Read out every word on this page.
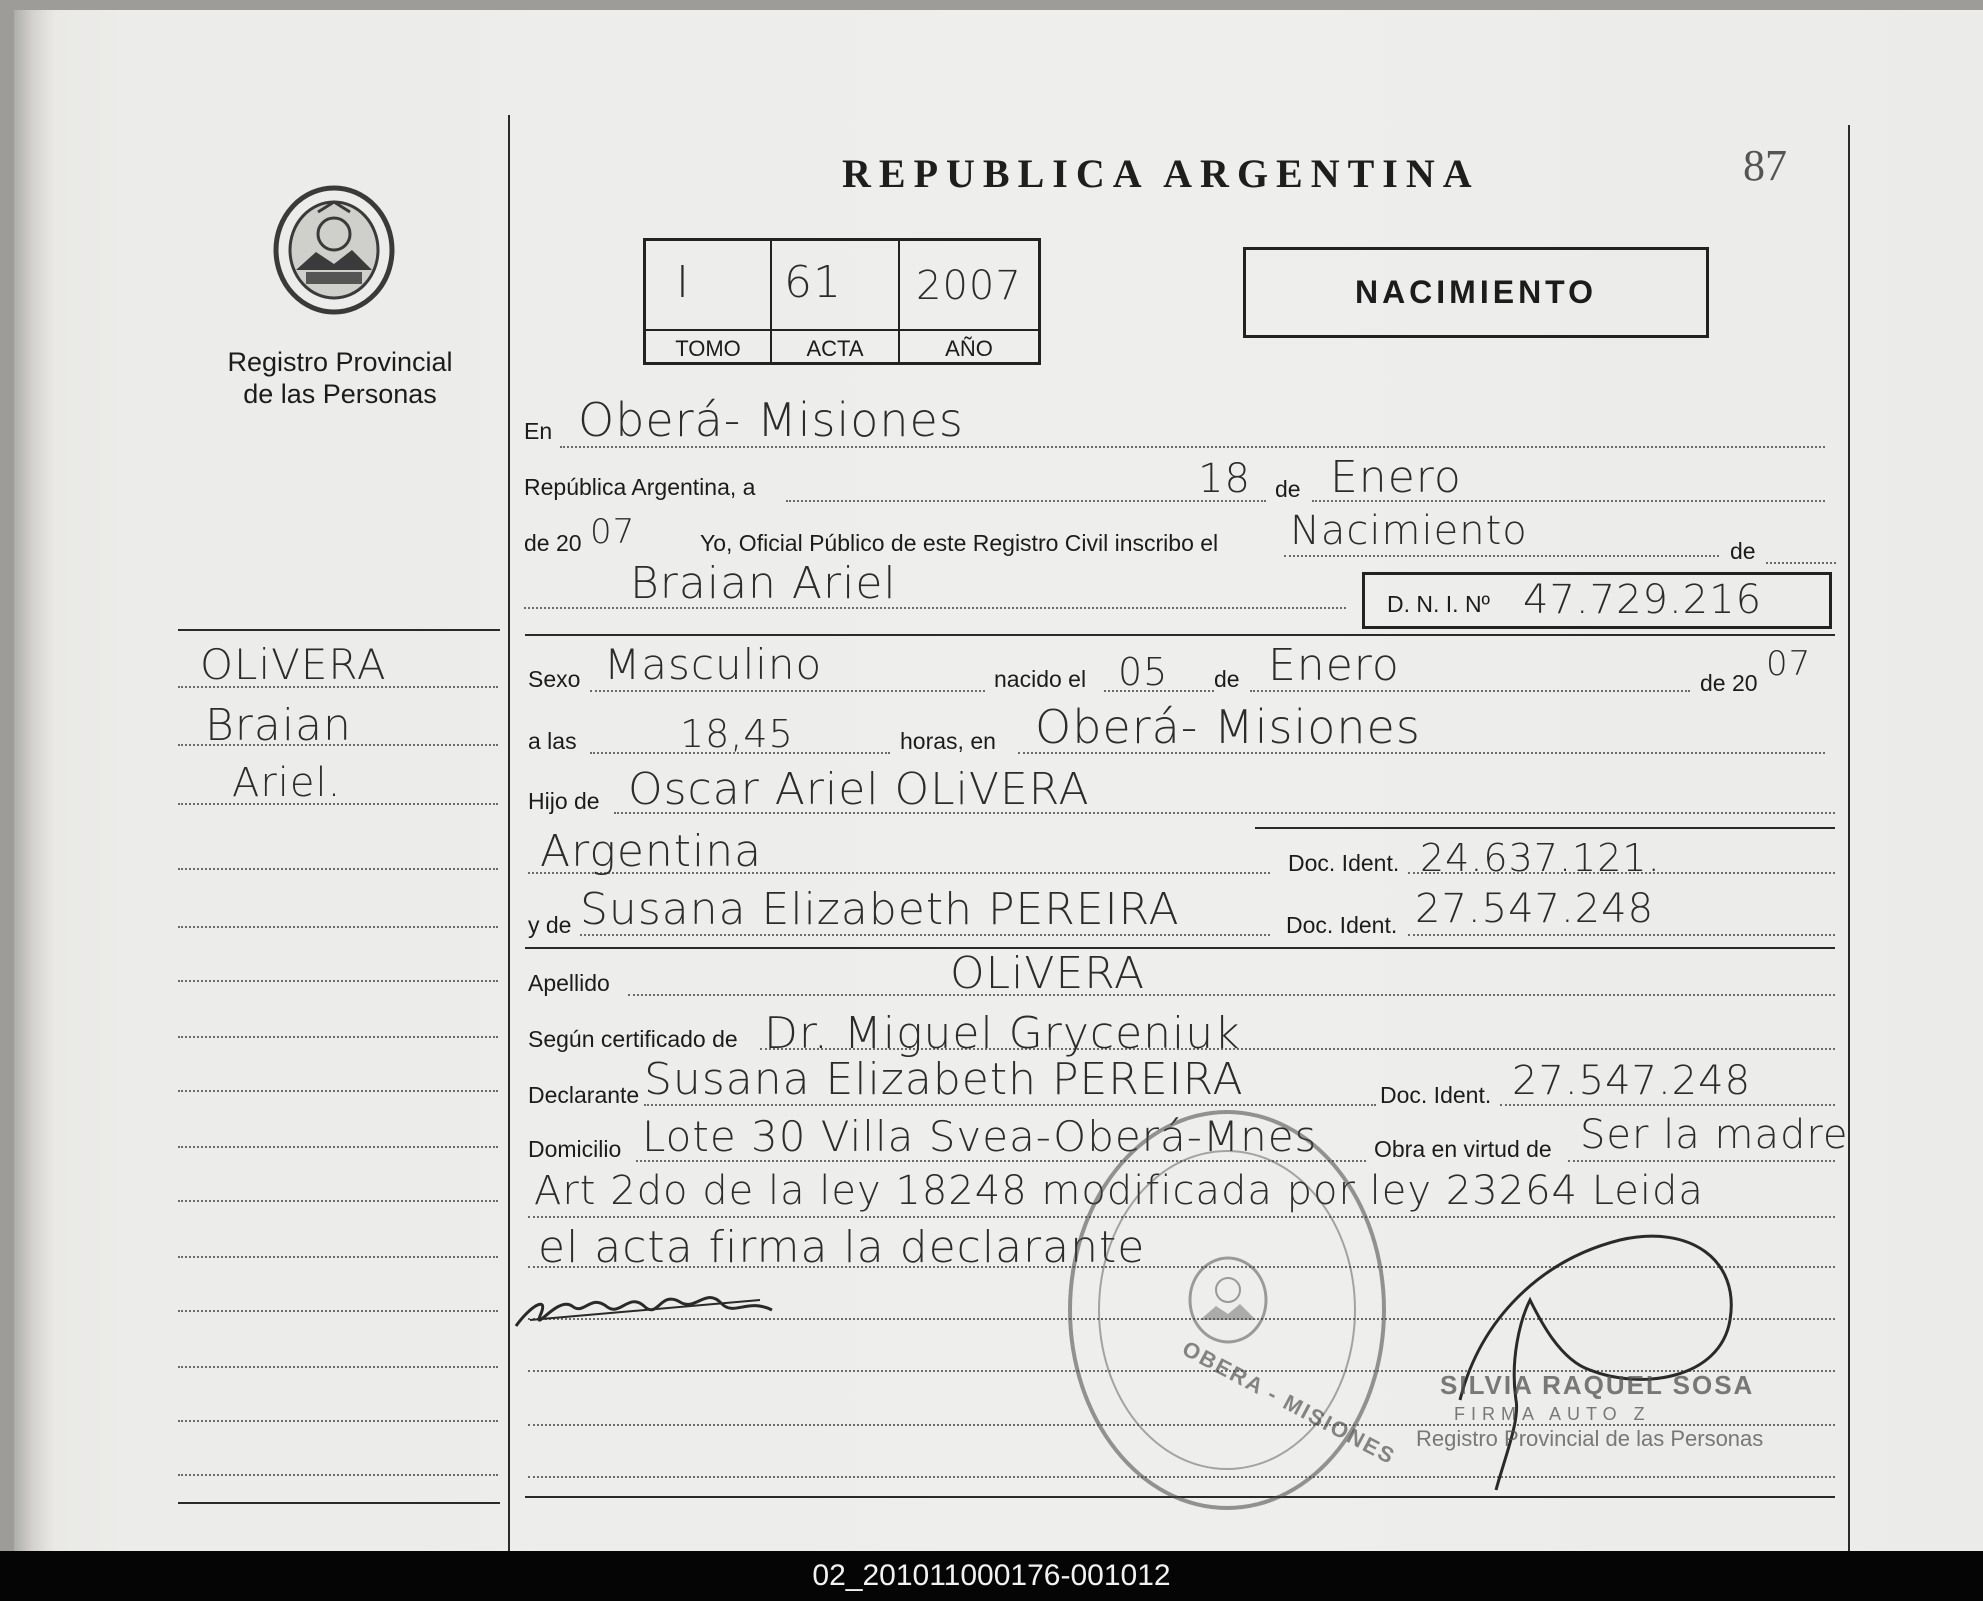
Registro Provincial
de las Personas
REPUBLICA ARGENTINA	87
I 61 2007
TOMO	ACTA	AÑO
NACIMIENTO
En Oberá- Misiones
República Argentina, a	18 de Enero
de 20 07	Yo, Oficial Público de este Registro Civil inscribo el Nacimiento	de
Braian Ariel	D. N. I. Nº 47.729.216
OLiVERA
Braian
Ariel.
Sexo Masculino	nacido el 05 de Enero	de 20 07
a las	18,45	horas, en Oberá- Misiones
Hijo de Oscar Ariel OLiVERA
Argentina	Doc. Ident. 24.637.121.
y de Susana Elizabeth PEREIRA	Doc. Ident. 27.547.248
Apellido	OLiVERA
Según certificado de Dr. Miguel Gryceniuk
Declarante Susana Elizabeth PEREIRA	Doc. Ident. 27.547.248
Domicilio Lote 30 Villa Svea-Oberá-Mnes Obra en virtud de Ser la madre
Art 2do de la ley 18248 modificada por ley 23264 Leida
el acta firma la declarante
OBERA - MISIONES SILVIA RAQUEL SOSA
FIRMA AUTO Z
Registro Provincial de las Personas
02_201011000176-001012
